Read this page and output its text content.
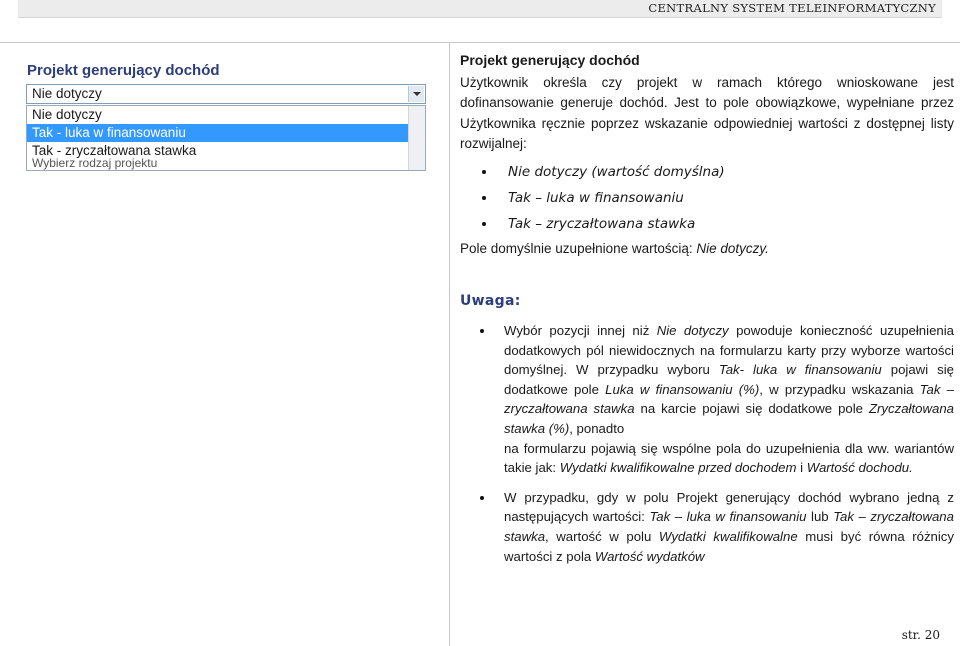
CENTRALNY SYSTEM TELEINFORMATYCZNY
Projekt generujący dochód
Nie dotyczy
Nie dotyczy
Tak - luka w finansowaniu
Tak - zryczałtowana stawka
Wybierz rodzaj projektu

Projekt generujący dochód

Użytkownik określa czy projekt w ramach którego wnioskowane jest dofinansowanie generuje dochód. Jest to pole obowiązkowe, wypełniane przez Użytkownika ręcznie poprzez wskazanie odpowiedniej wartości z dostępnej listy rozwijalnej:

Nie dotyczy (wartość domyślna)
Tak – luka w finansowaniu
Tak – zryczałtowana stawka

Pole domyślnie uzupełnione wartością: Nie dotyczy.

Uwaga:
Wybór pozycji innej niż Nie dotyczy powoduje konieczność uzupełnienia dodatkowych pól niewidocznych na formularzu karty przy wyborze wartości domyślnej. W przypadku wyboru Tak- luka w finansowaniu pojawi się dodatkowe pole Luka w finansowaniu (%), w przypadku wskazania Tak – zryczałtowana stawka na karcie pojawi się dodatkowe pole Zryczałtowana stawka (%), ponadto
na formularzu pojawią się wspólne pola do uzupełnienia dla ww. wariantów takie jak: Wydatki kwalifikowalne przed dochodem i Wartość dochodu.
W przypadku, gdy w polu Projekt generujący dochód wybrano jedną z następujących wartości: Tak – luka w finansowaniu lub Tak – zryczałtowana stawka, wartość w polu Wydatki kwalifikowalne musi być równa różnicy wartości z pola Wartość wydatków
str. 20
